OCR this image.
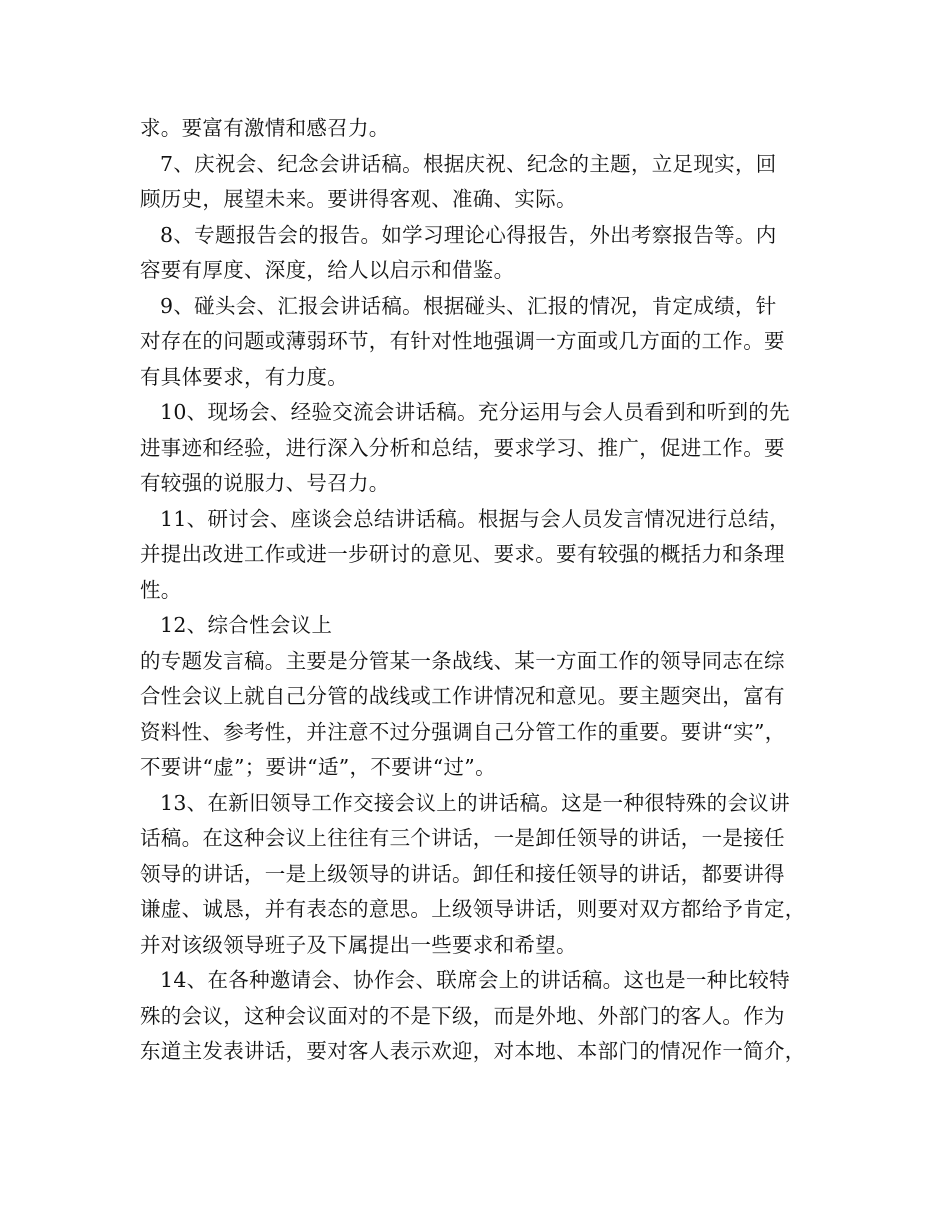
求。要富有激情和感召力。
7、庆祝会、纪念会讲话稿。根据庆祝、纪念的主题，立足现实，回
顾历史，展望未来。要讲得客观、准确、实际。
8、专题报告会的报告。如学习理论心得报告，外出考察报告等。内
容要有厚度、深度，给人以启示和借鉴。
9、碰头会、汇报会讲话稿。根据碰头、汇报的情况，肯定成绩，针
对存在的问题或薄弱环节，有针对性地强调一方面或几方面的工作。要
有具体要求，有力度。
10、现场会、经验交流会讲话稿。充分运用与会人员看到和听到的先
进事迹和经验，进行深入分析和总结，要求学习、推广，促进工作。要
有较强的说服力、号召力。
11、研讨会、座谈会总结讲话稿。根据与会人员发言情况进行总结，
并提出改进工作或进一步研讨的意见、要求。要有较强的概括力和条理
性。
12、综合性会议上
的专题发言稿。主要是分管某一条战线、某一方面工作的领导同志在综
合性会议上就自己分管的战线或工作讲情况和意见。要主题突出，富有
资料性、参考性，并注意不过分强调自己分管工作的重要。要讲“实”，
不要讲“虚”；要讲“适”，不要讲“过”。
13、在新旧领导工作交接会议上的讲话稿。这是一种很特殊的会议讲
话稿。在这种会议上往往有三个讲话，一是卸任领导的讲话，一是接任
领导的讲话，一是上级领导的讲话。卸任和接任领导的讲话，都要讲得
谦虚、诚恳，并有表态的意思。上级领导讲话，则要对双方都给予肯定，
并对该级领导班子及下属提出一些要求和希望。
14、在各种邀请会、协作会、联席会上的讲话稿。这也是一种比较特
殊的会议，这种会议面对的不是下级，而是外地、外部门的客人。作为
东道主发表讲话，要对客人表示欢迎，对本地、本部门的情况作一简介，
